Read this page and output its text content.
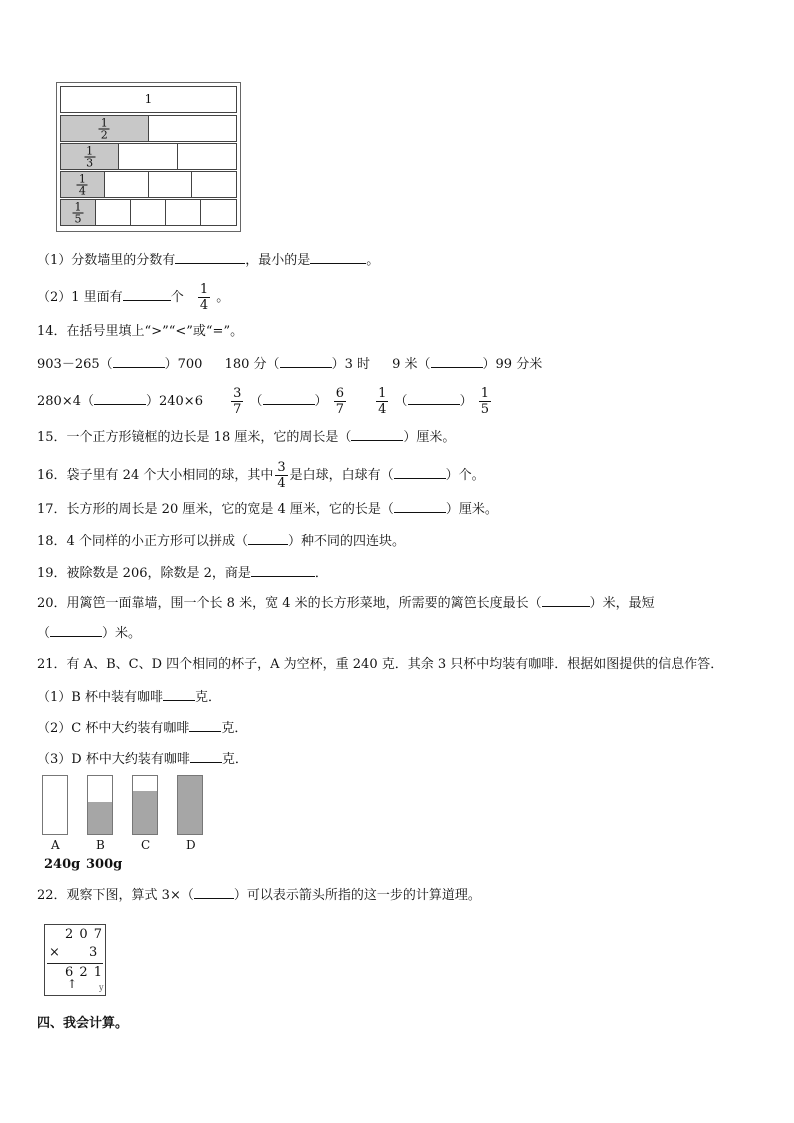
1
$\frac{1}{2}$
$\frac{1}{3}$
$\frac{1}{4}$
$\frac{1}{5}$
（1）分数墙里的分数有	，最小的是	。
（2）1 里面有	个 $\frac{1}{4}$ 。
14．在括号里填上“>”“<”或“=”。
903－265（	）700 180 分（	）3 时 9 米（	）99 分米
280×4（	）$240\times 6 \frac{3}{7}$ （	） $\frac{6}{7}$
$\frac{1}{4}$ （	） $\frac{1}{5}$
15．一个正方形镜框的边长是 18 厘米，它的周长是（	）厘米。
16．袋子里有 24 个大小相同的球，其中 $\frac{3}{4}$ 是白球，白球有（	）个。
17．长方形的周长是 20 厘米，它的宽是 4 厘米，它的长是（	）厘米。
18．4 个同样的小正方形可以拼成（	）种不同的四连块。
19．被除数是 206，除数是 2，商是	．
20．用篱笆一面靠墙，围一个长 8 米，宽 4 米的长方形菜地，所需要的篱笆长度最长（	）米，最短
（	）米。
21．有 A、B、C、D 四个相同的杯子，A 为空杯，重 240 克．其余 3 只杯中均装有咖啡．根据如图提供的信息作答．
（1）B 杯中装有咖啡 克．
（2）C 杯中大约装有咖啡 克．
（3）D 杯中大约装有咖啡 克．
A	B	C	D
240g 300g
22．观察下图，算式 3×（	）可以表示箭头所指的这一步的计算道理。
2 0 7
× 3
6 2 1
↑	y
四、我会计算。
